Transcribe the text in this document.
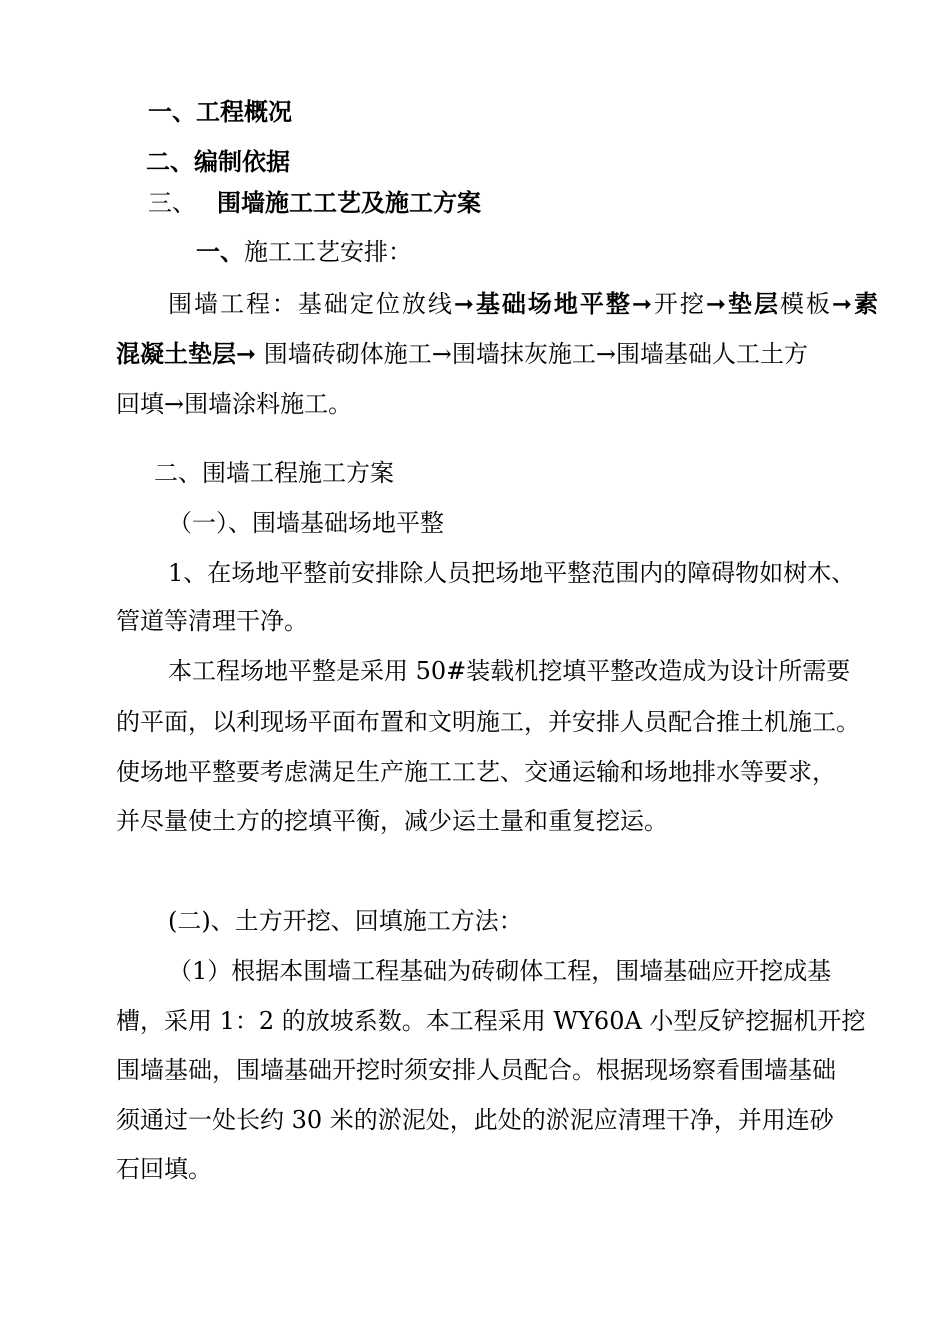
一、工程概况
二、编制依据
三、 围墙施工工艺及施工方案
一、施工工艺安排：
围墙工程：基础定位放线➞基础场地平整➞开挖➞垫层模板➞素
混凝土垫层➞ 围墙砖砌体施工→围墙抹灰施工→围墙基础人工土方
回填→围墙涂料施工。
二、围墙工程施工方案
（一）、围墙基础场地平整
1、在场地平整前安排除人员把场地平整范围内的障碍物如树木、
管道等清理干净。
本工程场地平整是采用 50#装载机挖填平整改造成为设计所需要
的平面，以利现场平面布置和文明施工，并安排人员配合推土机施工。
使场地平整要考虑满足生产施工工艺、交通运输和场地排水等要求，
并尽量使土方的挖填平衡，减少运土量和重复挖运。
(二)、土方开挖、回填施工方法：
（1）根据本围墙工程基础为砖砌体工程，围墙基础应开挖成基
槽，采用 1：2 的放坡系数。本工程采用 WY60A 小型反铲挖掘机开挖
围墙基础，围墙基础开挖时须安排人员配合。根据现场察看围墙基础
须通过一处长约 30 米的淤泥处，此处的淤泥应清理干净，并用连砂
石回填。
